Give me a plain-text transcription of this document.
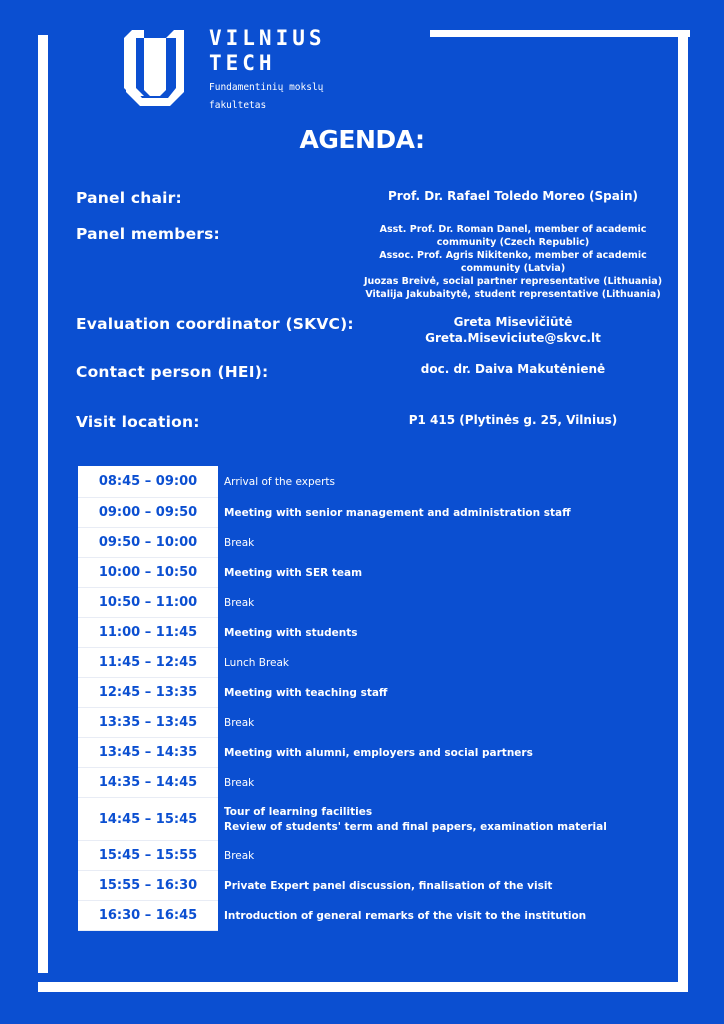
VILNIUS
TECH
Fundamentinių mokslų
fakultetas
AGENDA:
Panel chair:	Prof. Dr. Rafael Toledo Moreo (Spain)
Panel members:	Asst. Prof. Dr. Roman Danel, member of academic
community (Czech Republic)
Assoc. Prof. Agris Nikitenko, member of academic
community (Latvia)
Juozas Breivė, social partner representative (Lithuania)
Vitalija Jakubaitytė, student representative (Lithuania)
Evaluation coordinator (SKVC):	Greta Misevičiūtė
Greta.Miseviciute@skvc.lt
Contact person (HEI):	doc. dr. Daiva Makutėnienė
Visit location:	P1 415 (Plytinės g. 25, Vilnius)
08:45 – 09:00	Arrival of the experts
09:00 – 09:50	Meeting with senior management and administration staff
09:50 – 10:00	Break
10:00 – 10:50	Meeting with SER team
10:50 – 11:00	Break
11:00 – 11:45	Meeting with students
11:45 – 12:45	Lunch Break
12:45 – 13:35	Meeting with teaching staff
13:35 – 13:45	Break
13:45 – 14:35	Meeting with alumni, employers and social partners
14:35 – 14:45	Break
14:45 – 15:45	Tour of learning facilities
Review of students' term and final papers, examination material
15:45 – 15:55	Break
15:55 – 16:30	Private Expert panel discussion, finalisation of the visit
16:30 – 16:45	Introduction of general remarks of the visit to the institution
